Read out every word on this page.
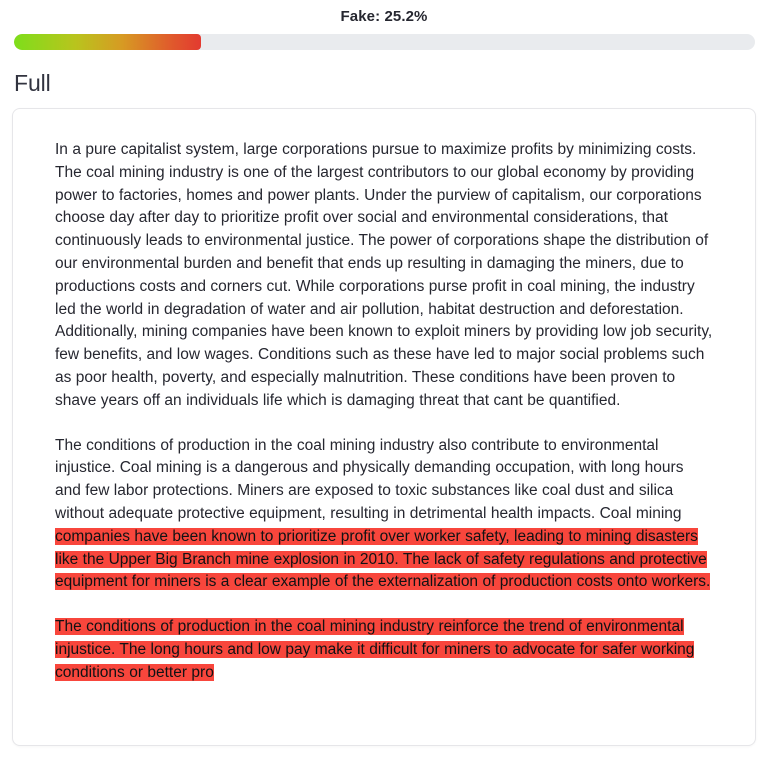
Fake: 25.2%
Full

In a pure capitalist system, large corporations pursue to maximize profits by minimizing costs. The coal mining industry is one of the largest contributors to our global economy by providing power to factories, homes and power plants. Under the purview of capitalism, our corporations choose day after day to prioritize profit over social and environmental considerations, that continuously leads to environmental justice. The power of corporations shape the distribution of our environmental burden and benefit that ends up resulting in damaging the miners, due to productions costs and corners cut. While corporations purse profit in coal mining, the industry led the world in degradation of water and air pollution, habitat destruction and deforestation. Additionally, mining companies have been known to exploit miners by providing low job security, few benefits, and low wages. Conditions such as these have led to major social problems such as poor health, poverty, and especially malnutrition. These conditions have been proven to shave years off an individuals life which is damaging threat that cant be quantified.

The conditions of production in the coal mining industry also contribute to environmental injustice. Coal mining is a dangerous and physically demanding occupation, with long hours and few labor protections. Miners are exposed to toxic substances like coal dust and silica without adequate protective equipment, resulting in detrimental health impacts. Coal mining companies have been known to prioritize profit over worker safety, leading to mining disasters like the Upper Big Branch mine explosion in 2010. The lack of safety regulations and protective equipment for miners is a clear example of the externalization of production costs onto workers.

The conditions of production in the coal mining industry reinforce the trend of environmental injustice. The long hours and low pay make it difficult for miners to advocate for safer working conditions or better pro
